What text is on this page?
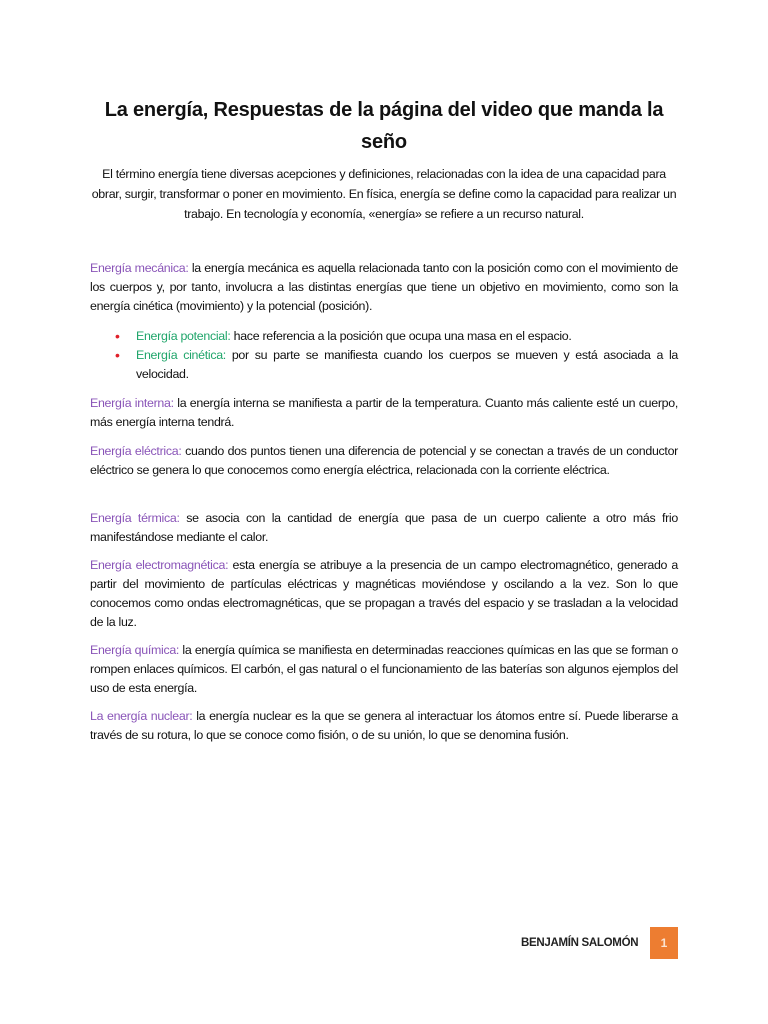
La energía, Respuestas de la página del video que manda la seño
El término energía tiene diversas acepciones y definiciones, relacionadas con la idea de una capacidad para obrar, surgir, transformar o poner en movimiento. En física, energía se define como la capacidad para realizar un trabajo. En tecnología y economía, «energía» se refiere a un recurso natural.

Energía mecánica: la energía mecánica es aquella relacionada tanto con la posición como con el movimiento de los cuerpos y, por tanto, involucra a las distintas energías que tiene un objetivo en movimiento, como son la energía cinética (movimiento) y la potencial (posición).

• Energía potencial: hace referencia a la posición que ocupa una masa en el espacio.
• Energía cinética: por su parte se manifiesta cuando los cuerpos se mueven y está asociada a la velocidad.

Energía interna: la energía interna se manifiesta a partir de la temperatura. Cuanto más caliente esté un cuerpo, más energía interna tendrá.

Energía eléctrica: cuando dos puntos tienen una diferencia de potencial y se conectan a través de un conductor eléctrico se genera lo que conocemos como energía eléctrica, relacionada con la corriente eléctrica.

Energía térmica: se asocia con la cantidad de energía que pasa de un cuerpo caliente a otro más frio manifestándose mediante el calor.

Energía electromagnética: esta energía se atribuye a la presencia de un campo electromagnético, generado a partir del movimiento de partículas eléctricas y magnéticas moviéndose y oscilando a la vez. Son lo que conocemos como ondas electromagnéticas, que se propagan a través del espacio y se trasladan a la velocidad de la luz.

Energía química: la energía química se manifiesta en determinadas reacciones químicas en las que se forman o rompen enlaces químicos. El carbón, el gas natural o el funcionamiento de las baterías son algunos ejemplos del uso de esta energía.

La energía nuclear: la energía nuclear es la que se genera al interactuar los átomos entre sí. Puede liberarse a través de su rotura, lo que se conoce como fisión, o de su unión, lo que se denomina fusión.

BENJAMÍN SALOMÓN	1
